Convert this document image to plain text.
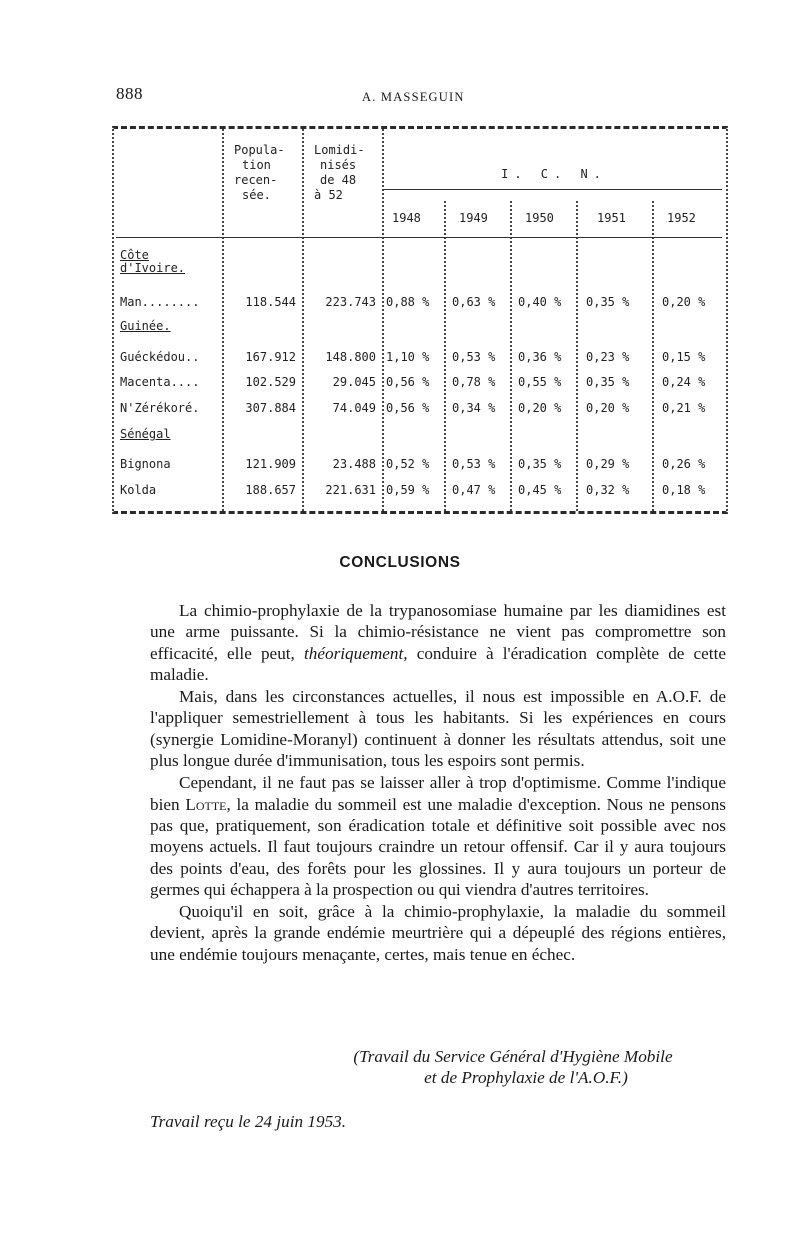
888	A. MASSEGUIN
Popula-
tion
recen-
sée.
Lomidi-
nisés
de 48
à 52
I. C. N.
1948	1949	1950	1951	1952
Côte d'Ivoire.
Man........	118.544	223.743 0,88 % 0,63 % 0,40 % 0,35 %	0,20 %
Guinée.
Guéckédou..	167.912	148.800 1,10 % 0,53 % 0,36 % 0,23 %	0,15 %
Macenta....	102.529	29.045 0,56 % 0,78 % 0,55 % 0,35 %	0,24 %
N'Zérékoré.	307.884	74.049 0,56 % 0,34 % 0,20 % 0,20 %	0,21 %
Sénégal
Bignona	121.909	23.488 0,52 % 0,53 % 0,35 % 0,29 %	0,26 %
Kolda	188.657	221.631 0,59 % 0,47 % 0,45 % 0,32 %	0,18 %
CONCLUSIONS

La chimio-prophylaxie de la trypanosomiase humaine par les diamidines est une arme puissante. Si la chimio-résistance ne vient pas compromettre son efficacité, elle peut, théoriquement, conduire à l'éradication complète de cette maladie.

Mais, dans les circonstances actuelles, il nous est impossible en A.O.F. de l'appliquer semestriellement à tous les habitants. Si les expériences en cours (synergie Lomidine-Moranyl) continuent à donner les résultats attendus, soit une plus longue durée d'immunisation, tous les espoirs sont permis.

Cependant, il ne faut pas se laisser aller à trop d'optimisme. Comme l'indique bien Lotte, la maladie du sommeil est une maladie d'exception. Nous ne pensons pas que, pratiquement, son éradication totale et définitive soit possible avec nos moyens actuels. Il faut toujours craindre un retour offensif. Car il y aura toujours des points d'eau, des forêts pour les glossines. Il y aura toujours un porteur de germes qui échappera à la prospection ou qui viendra d'autres territoires.

Quoiqu'il en soit, grâce à la chimio-prophylaxie, la maladie du sommeil devient, après la grande endémie meurtrière qui a dépeuplé des régions entières, une endémie toujours menaçante, certes, mais tenue en échec.

(Travail du Service Général d'Hygiène Mobile
et de Prophylaxie de l'A.O.F.)
Travail reçu le 24 juin 1953.
